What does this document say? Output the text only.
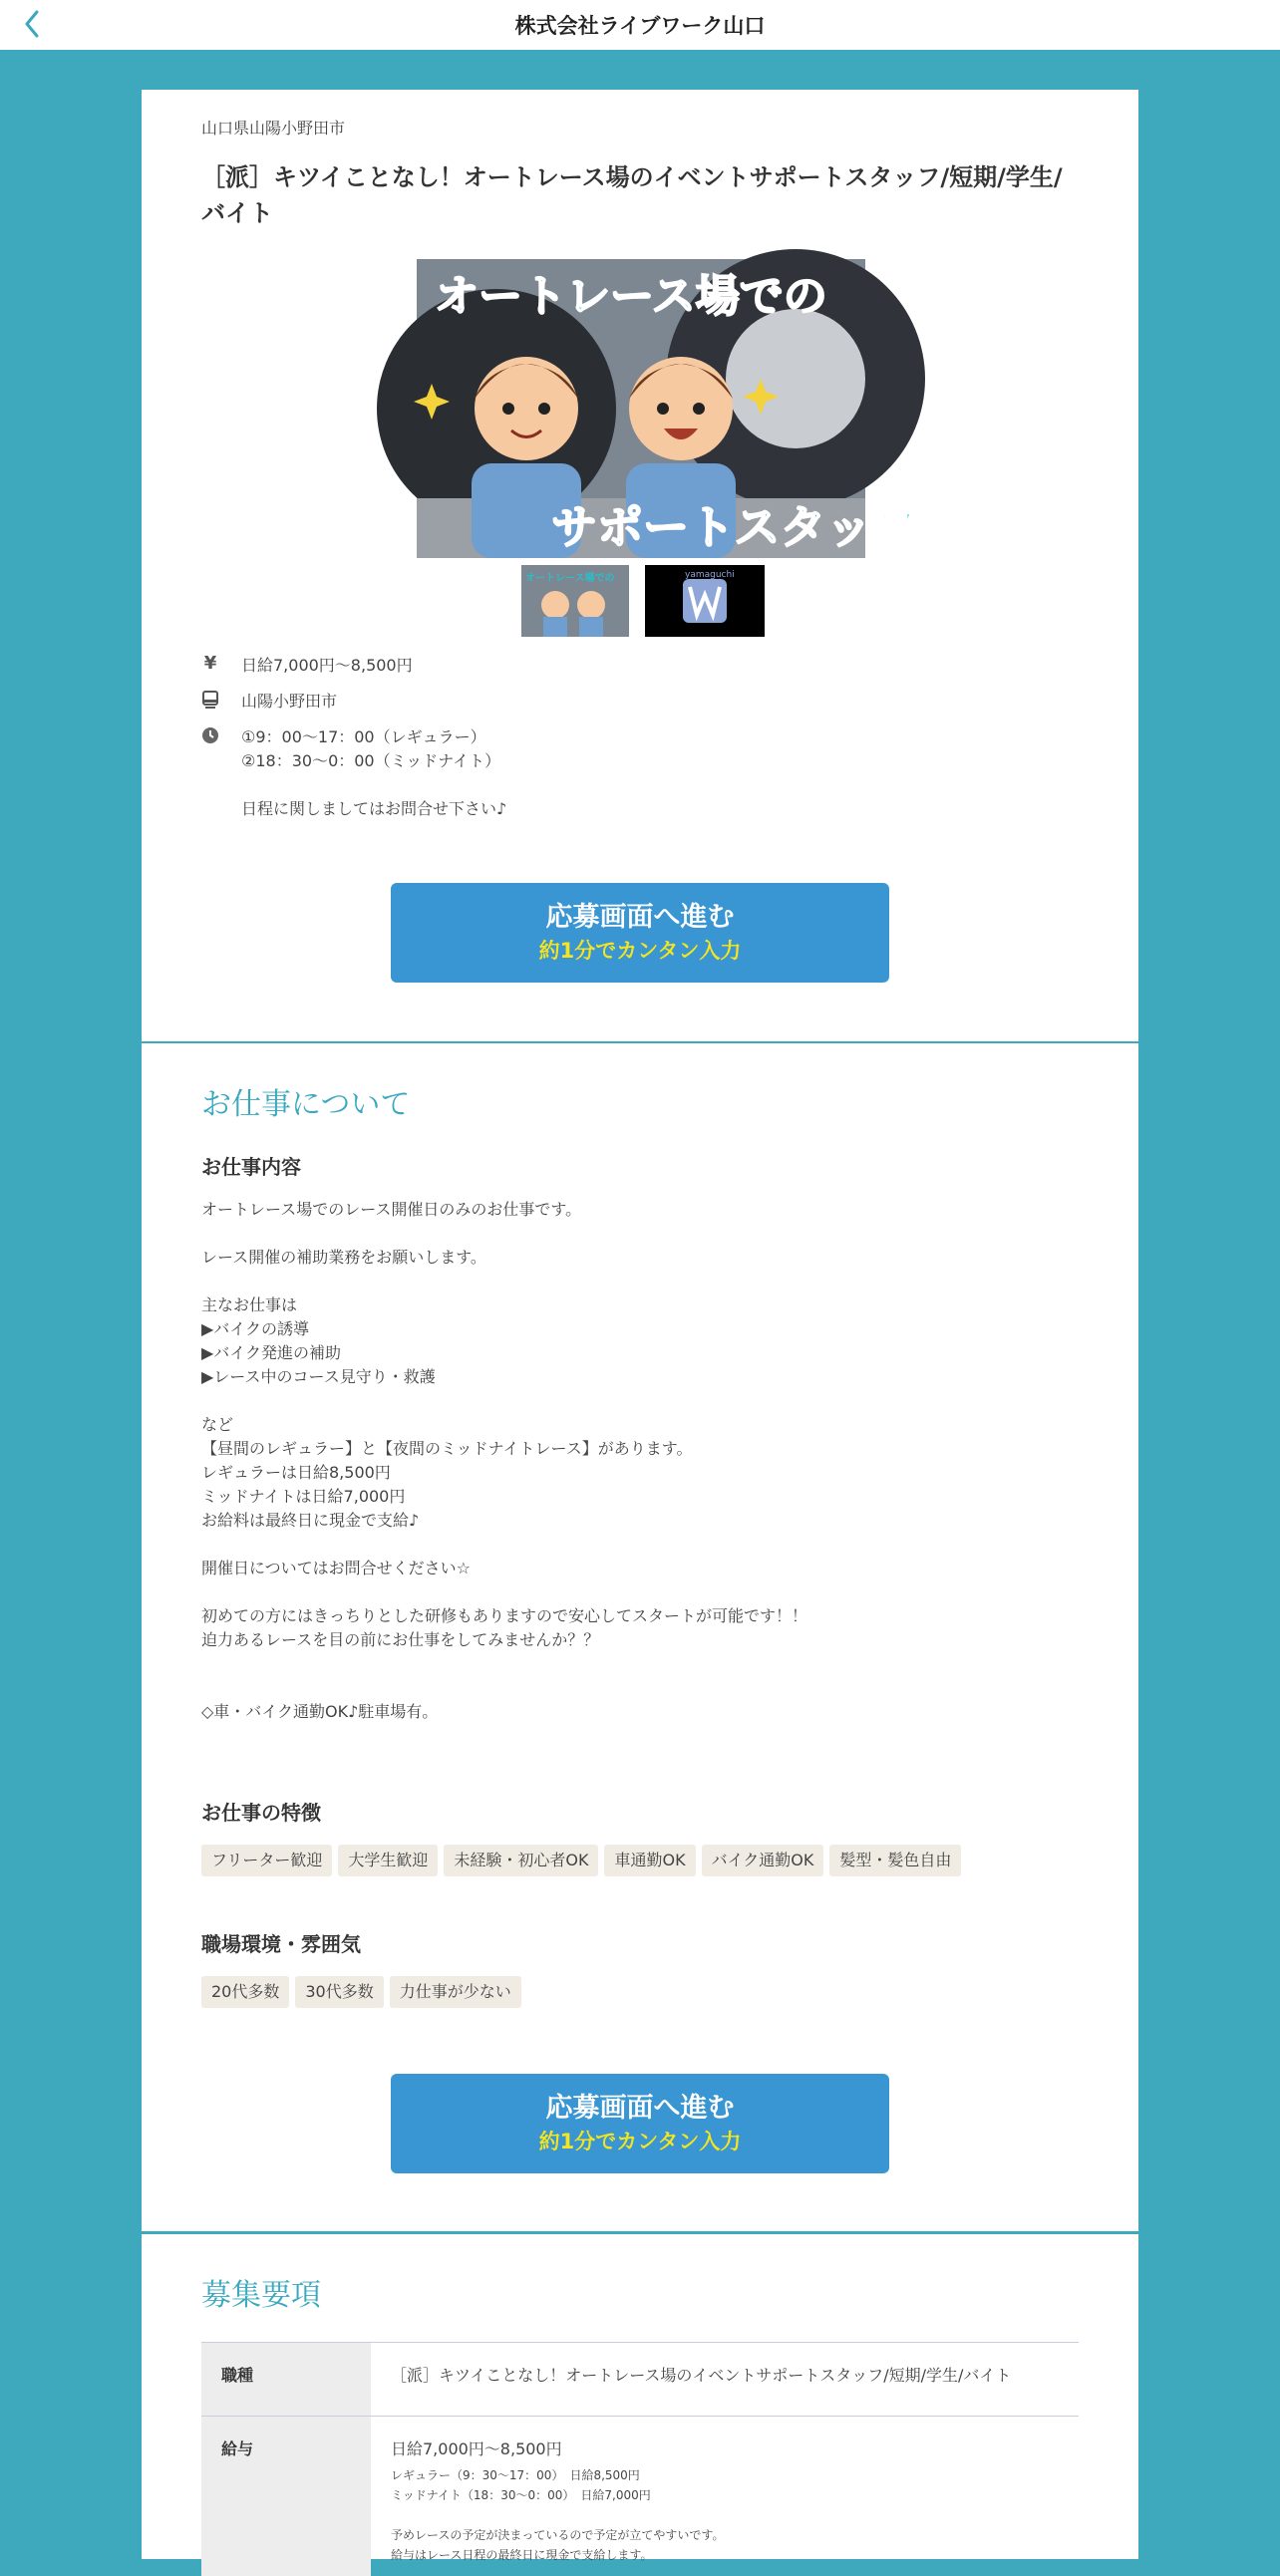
株式会社ライブワーク山口
山口県山陽小野田市
［派］キツイことなし！オートレース場のイベントサポートスタッフ/短期/学生/バイト
オートレース場での
サポートスタッフ
オートレース場での	yamaguchi
¥ 日給7,000円〜8,500円
山陽小野田市
①9：00～17：00（レギュラー）
②18：30～0：00（ミッドナイト）
日程に関しましてはお問合せ下さい♪
応募画面へ進む
約1分でカンタン入力
お仕事について
お仕事内容
オートレース場でのレース開催日のみのお仕事です。

レース開催の補助業務をお願いします。

主なお仕事は
▶バイクの誘導
▶バイク発進の補助
▶レース中のコース見守り・救護

など
【昼間のレギュラー】と【夜間のミッドナイトレース】があります。
レギュラーは日給8,500円
ミッドナイトは日給7,000円
お給料は最終日に現金で支給♪

開催日についてはお問合せください☆

初めての方にはきっちりとした研修もありますので安心してスタートが可能です！！
迫力あるレースを目の前にお仕事をしてみませんか？？

◇車・バイク通勤OK♪駐車場有。
お仕事の特徴
フリーター歓迎	大学生歓迎	未経験・初心者OK	車通勤OK	バイク通勤OK	髪型・髪色自由
職場環境・雰囲気
20代多数	30代多数	力仕事が少ない
応募画面へ進む
約1分でカンタン入力
募集要項
職種	［派］キツイことなし！オートレース場のイベントサポートスタッフ/短期/学生/バイト
給与	日給7,000円〜8,500円
レギュラー（9：30～17：00）　日給8,500円
ミッドナイト（18：30～0：00）　日給7,000円

予めレースの予定が決まっているので予定が立てやすいです。
給与はレース日程の最終日に現金で支給します。
